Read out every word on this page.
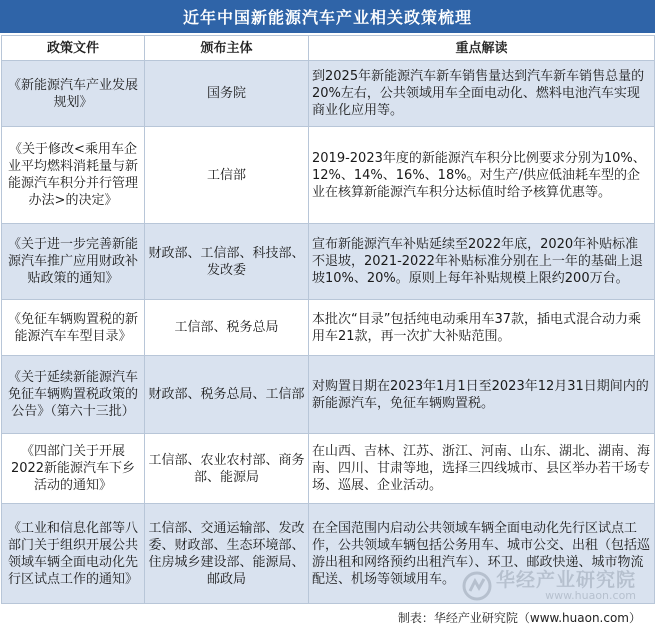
近年中国新能源汽车产业相关政策梳理
政策文件	颁布主体	重点解读
《新能源汽车产业发展规划》	国务院	到2025年新能源汽车新车销售量达到汽车新车销售总量的20%左右，公共领域用车全面电动化、燃料电池汽车实现商业化应用等。
《关于修改<乘用车企业平均燃料消耗量与新能源汽车积分并行管理办法>的决定》	工信部	2019-2023年度的新能源汽车积分比例要求分别为10%、12%、14%、16%、18%。对生产/供应低油耗车型的企业在核算新能源汽车积分达标值时给予核算优惠等。
《关于进一步完善新能源汽车推广应用财政补贴政策的通知》	财政部、工信部、科技部、发改委	宣布新能源汽车补贴延续至2022年底，2020年补贴标准不退坡，2021-2022年补贴标准分别在上一年的基础上退坡10%、20%。原则上每年补贴规模上限约200万台。
《免征车辆购置税的新能源汽车车型目录》	工信部、税务总局	本批次“目录”包括纯电动乘用车37款，插电式混合动力乘用车21款，再一次扩大补贴范围。
《关于延续新能源汽车免征车辆购置税政策的公告》（第六十三批）	财政部、税务总局、工信部	对购置日期在2023年1月1日至2023年12月31日期间内的新能源汽车，免征车辆购置税。
《四部门关于开展2022新能源汽车下乡活动的通知》	工信部、农业农村部、商务部、能源局	在山西、吉林、江苏、浙江、河南、山东、湖北、湖南、海南、四川、甘肃等地，选择三四线城市、县区举办若干场专场、巡展、企业活动。
《工业和信息化部等八部门关于组织开展公共领域车辆全面电动化先行区试点工作的通知》	工信部、交通运输部、发改委、财政部、生态环境部、住房城乡建设部、能源局、邮政局	在全国范围内启动公共领域车辆全面电动化先行区试点工作，公共领域车辆包括公务用车、城市公交、出租（包括巡游出租和网络预约出租汽车）、环卫、邮政快递、城市物流配送、机场等领域用车。 华经产业研究院
www.huaon.com
制表：华经产业研究院（www.huaon.com）
